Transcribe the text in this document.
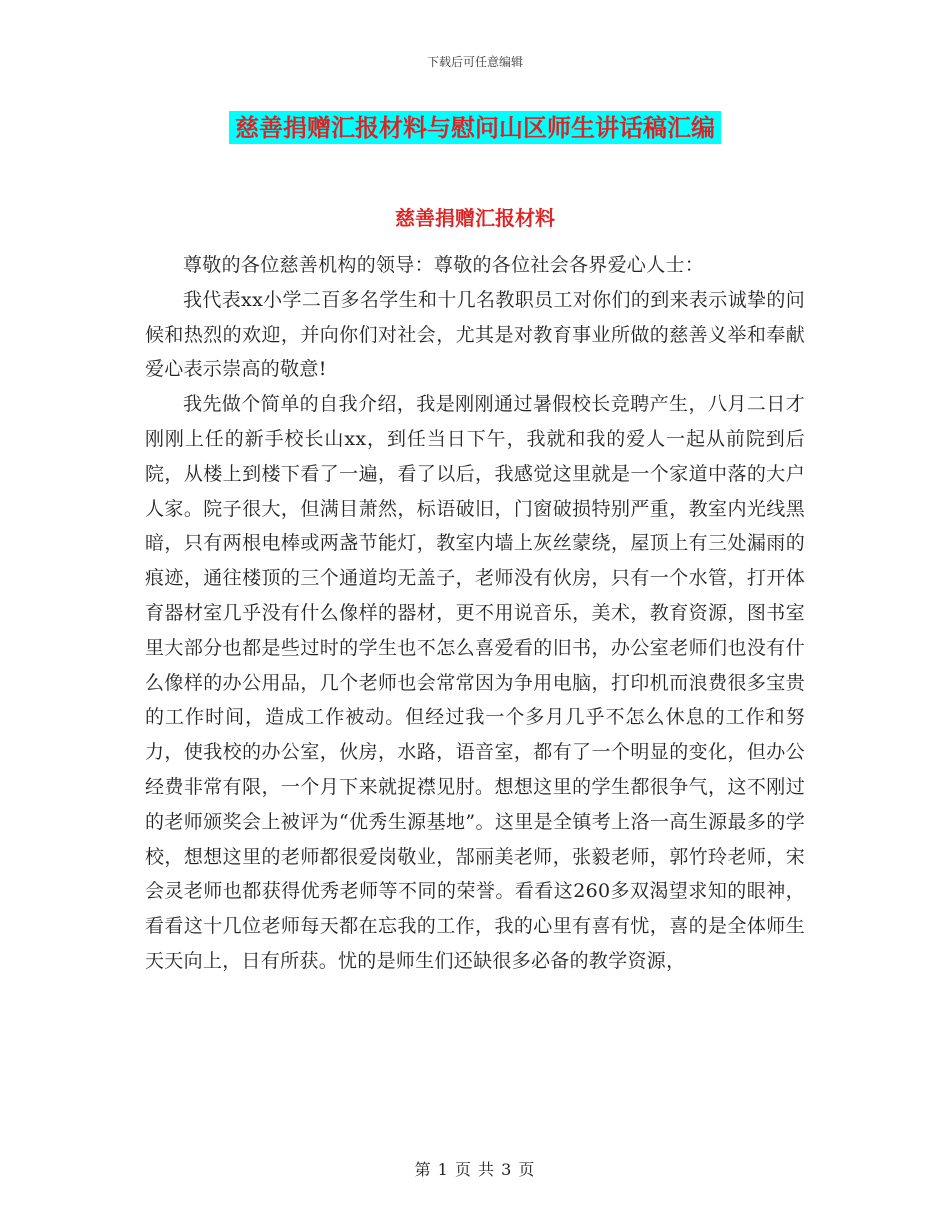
下载后可任意编辑
慈善捐赠汇报材料与慰问山区师生讲话稿汇编
慈善捐赠汇报材料

尊敬的各位慈善机构的领导：尊敬的各位社会各界爱心人士：

我代表xx小学二百多名学生和十几名教职员工对你们的到来表示诚挚的问候和热烈的欢迎，并向你们对社会，尤其是对教育事业所做的慈善义举和奉献爱心表示崇高的敬意!

我先做个简单的自我介绍，我是刚刚通过暑假校长竞聘产生，八月二日才刚刚上任的新手校长山xx，到任当日下午，我就和我的爱人一起从前院到后院，从楼上到楼下看了一遍，看了以后，我感觉这里就是一个家道中落的大户人家。院子很大，但满目萧然，标语破旧，门窗破损特别严重，教室内光线黑暗，只有两根电棒或两盏节能灯，教室内墙上灰丝蒙绕，屋顶上有三处漏雨的痕迹，通往楼顶的三个通道均无盖子，老师没有伙房，只有一个水管，打开体育器材室几乎没有什么像样的器材，更不用说音乐，美术，教育资源，图书室里大部分也都是些过时的学生也不怎么喜爱看的旧书，办公室老师们也没有什么像样的办公用品，几个老师也会常常因为争用电脑，打印机而浪费很多宝贵的工作时间，造成工作被动。但经过我一个多月几乎不怎么休息的工作和努力，使我校的办公室，伙房，水路，语音室，都有了一个明显的变化，但办公经费非常有限，一个月下来就捉襟见肘。想想这里的学生都很争气，这不刚过的老师颁奖会上被评为“优秀生源基地”。这里是全镇考上洛一高生源最多的学校，想想这里的老师都很爱岗敬业，郜丽美老师，张毅老师，郭竹玲老师，宋会灵老师也都获得优秀老师等不同的荣誉。看看这260多双渴望求知的眼神，看看这十几位老师每天都在忘我的工作，我的心里有喜有忧，喜的是全体师生天天向上，日有所获。忧的是师生们还缺很多必备的教学资源，

第 1 页 共 3 页
